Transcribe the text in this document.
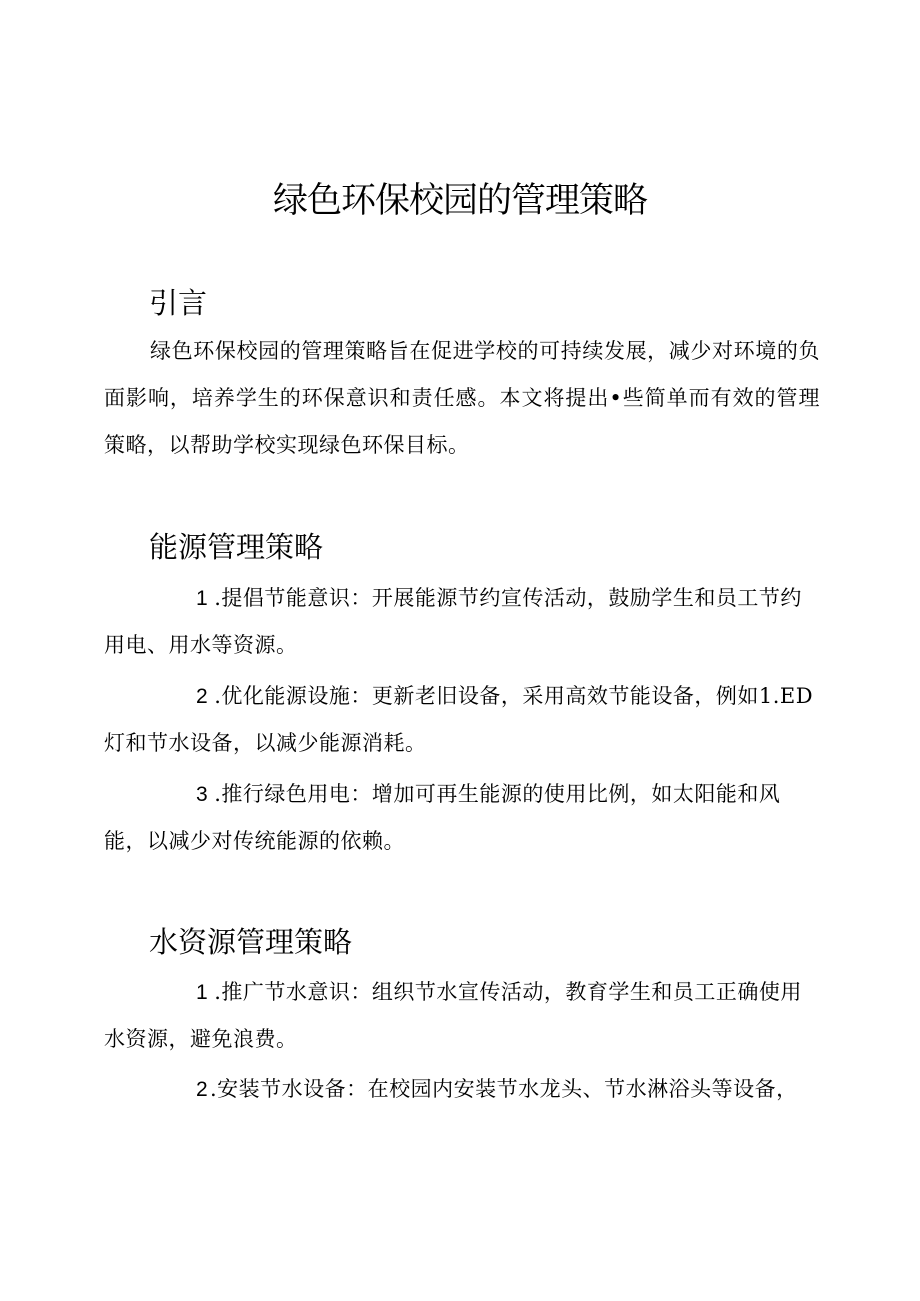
绿色环保校园的管理策略
引言

绿色环保校园的管理策略旨在促进学校的可持续发展，减少对环境的负面影响，培养学生的环保意识和责任感。本文将提出•些简单而有效的管理策略，以帮助学校实现绿色环保目标。

能源管理策略

1 .提倡节能意识：开展能源节约宣传活动，鼓励学生和员工节约用电、用水等资源。

2 .优化能源设施：更新老旧设备，采用高效节能设备，例如1.ED灯和节水设备，以减少能源消耗。

3 .推行绿色用电：增加可再生能源的使用比例，如太阳能和风能，以减少对传统能源的依赖。

水资源管理策略

1 .推广节水意识：组织节水宣传活动，教育学生和员工正确使用水资源，避免浪费。

2.安装节水设备：在校园内安装节水龙头、节水淋浴头等设备，
